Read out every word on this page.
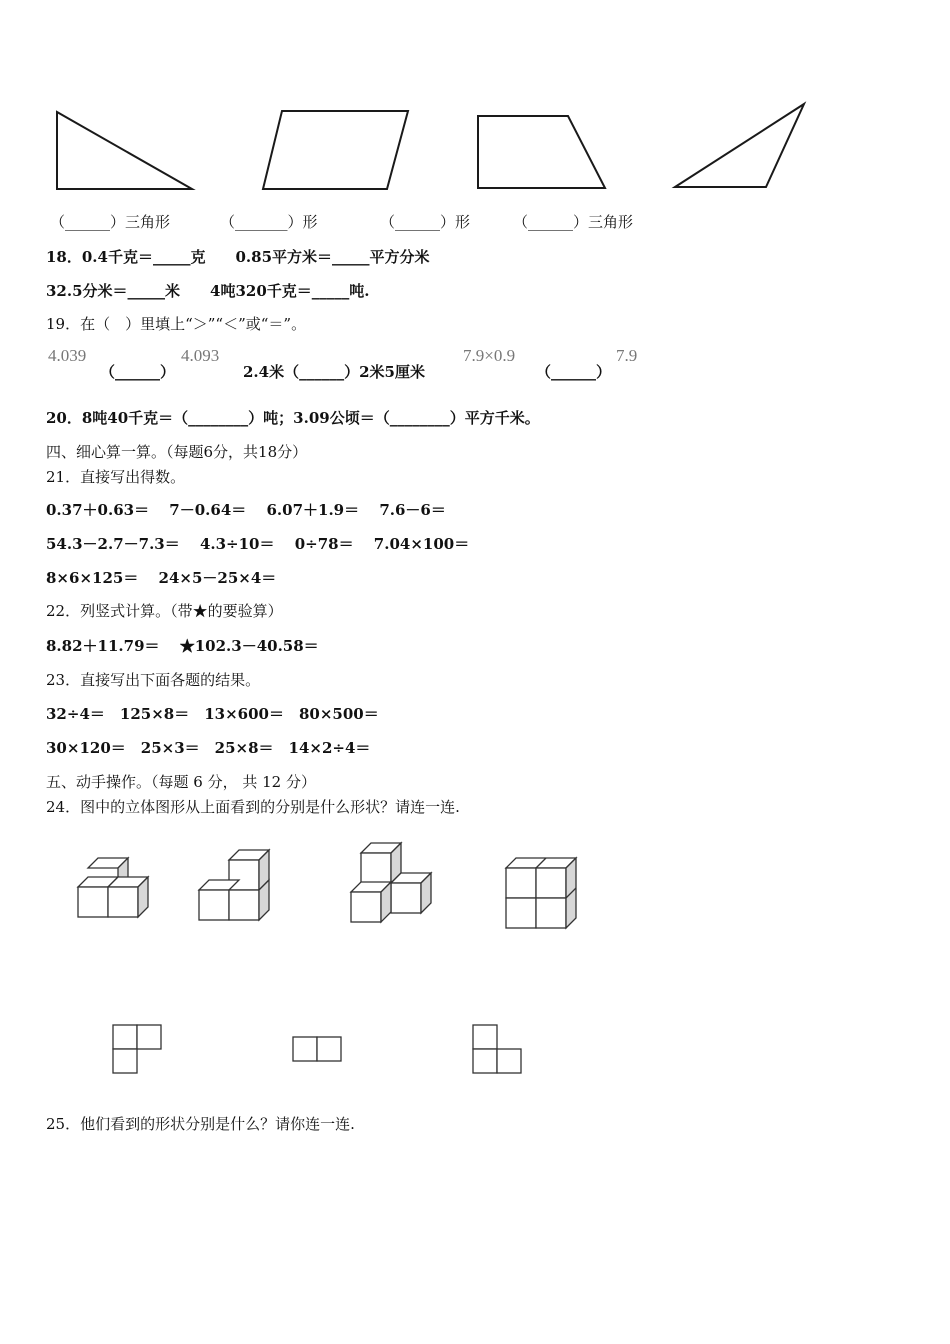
（______）三角形	（_______）形	（______）形	（______）三角形
18．0.4千克＝_____克　　0.85平方米＝_____平方分米
32.5分米＝_____米　　4吨320千克＝_____吨.
19．在（　）里填上“＞”“＜”或“＝”。
4.039
（______）
4.093
2.4米（______）2米5厘米
7.9×0.9
（______）
7.9
20．8吨40千克＝（________）吨；3.09公顷＝（________）平方千米。
四、细心算一算。（每题6分，共18分）
21．直接写出得数。
0.37＋0.63＝　 7－0.64＝　 6.07＋1.9＝　 7.6－6＝
54.3－2.7－7.3＝　 4.3÷10＝　 0÷78＝　 7.04×100＝
8×6×125＝　 24×5－25×4＝
22．列竖式计算。（带★的要验算）
8.82＋11.79＝　 ★102.3－40.58＝
23．直接写出下面各题的结果。
32÷4＝　125×8＝　13×600＝　80×500＝
30×120＝　25×3＝　25×8＝　14×2÷4＝
五、动手操作。（每题 6 分， 共 12 分）
24．图中的立体图形从上面看到的分别是什么形状？请连一连.
25．他们看到的形状分别是什么？请你连一连.
